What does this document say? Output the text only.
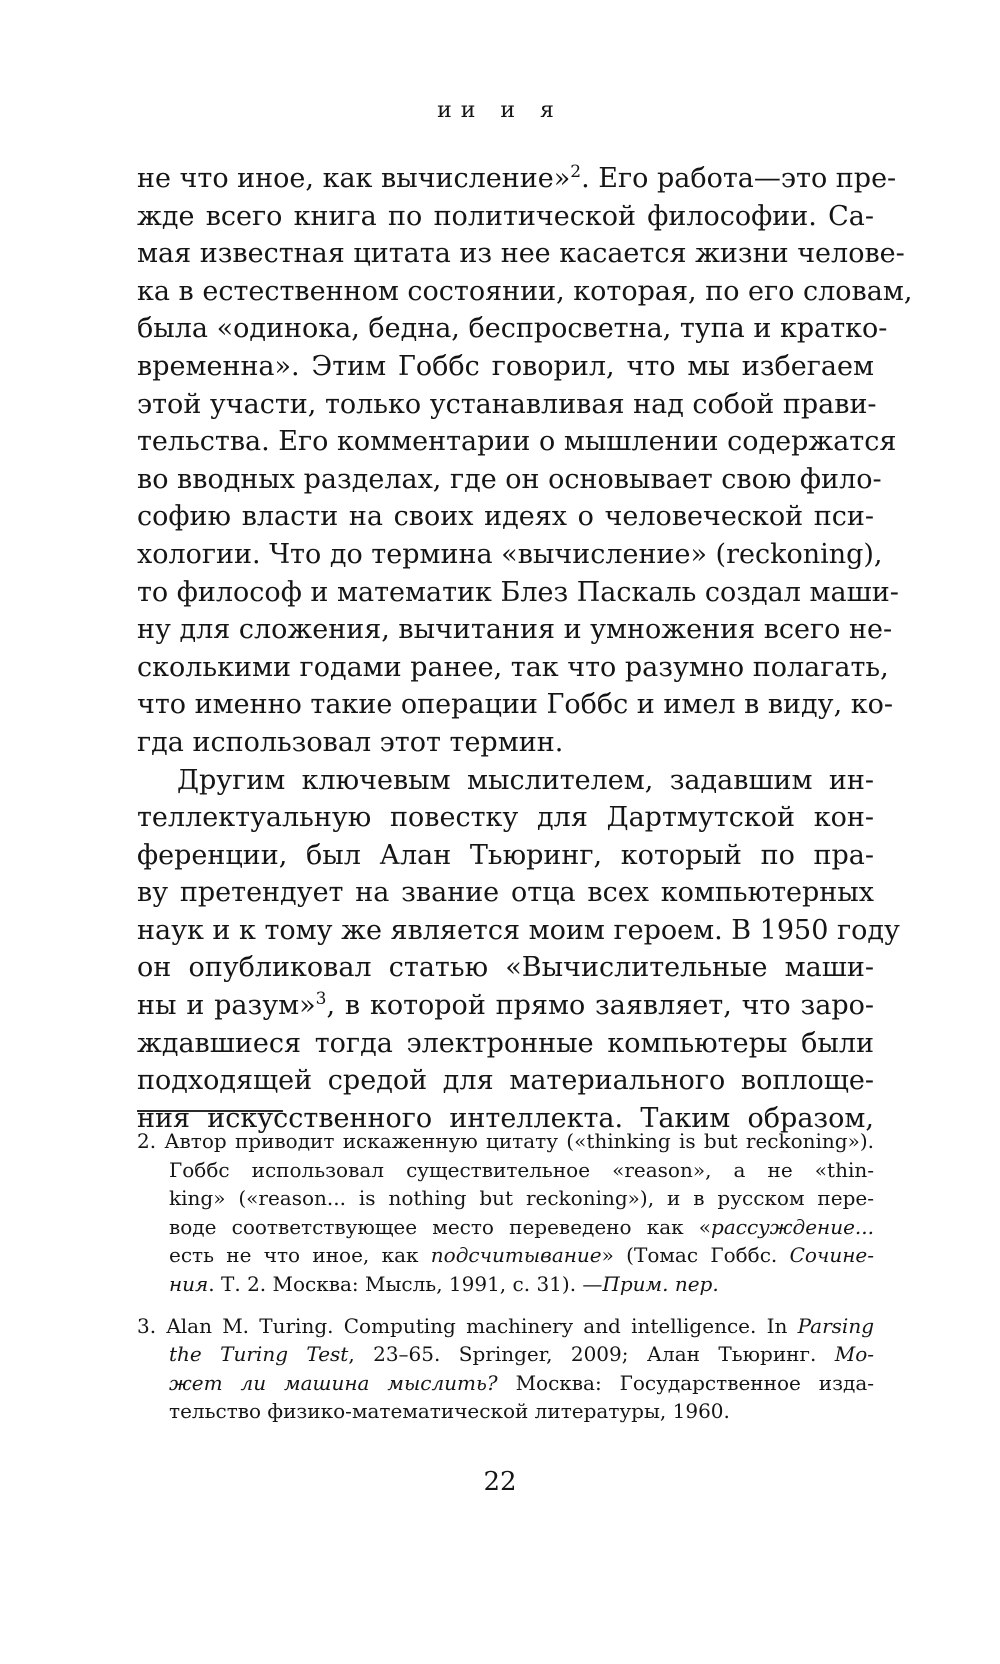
ии и я
не что иное, как вычисление»$^2$. Его работа—это пре-
жде всего книга по политической философии. Са-
мая известная цитата из нее касается жизни челове-
ка в естественном состоянии, которая, по его словам,
была «одинока, бедна, беспросветна, тупа и кратко-
временна». Этим Гоббс говорил, что мы избегаем
этой участи, только устанавливая над собой прави-
тельства. Его комментарии о мышлении содержатся
во вводных разделах, где он основывает свою фило-
софию власти на своих идеях о человеческой пси-
хологии. Что до термина «вычисление» (reckoning),
то философ и математик Блез Паскаль создал маши-
ну для сложения, вычитания и умножения всего не-
сколькими годами ранее, так что разумно полагать,
что именно такие операции Гоббс и имел в виду, ко-
гда использовал этот термин.
Другим ключевым мыслителем, задавшим ин-
теллектуальную повестку для Дартмутской кон-
ференции, был Алан Тьюринг, который по пра-
ву претендует на звание отца всех компьютерных
наук и к тому же является моим героем. В 1950 году
он опубликовал статью «Вычислительные маши-
ны и разум»$^3$, в которой прямо заявляет, что заро-
ждавшиеся тогда электронные компьютеры были
подходящей средой для материального воплоще-
ния искусственного интеллекта. Таким образом,
2. Автор приводит искаженную цитату («thinking is but reckoning»).
Гоббс использовал существительное «reason», а не «thin-
king» («reason... is nothing but reckoning»), и в русском пере-
воде соответствующее место переведено как «рассуждение...
есть не что иное, как подсчитывание» (Томас Гоббс. Сочине-
ния. Т. 2. Москва: Мысль, 1991, с. 31). —Прим. пер.
3. Alan M. Turing. Computing machinery and intelligence. In Parsing
the Turing Test, 23–65. Springer, 2009; Алан Тьюринг. Мо-
жет ли машина мыслить? Москва: Государственное изда-
тельство физико-математической литературы, 1960.
22
